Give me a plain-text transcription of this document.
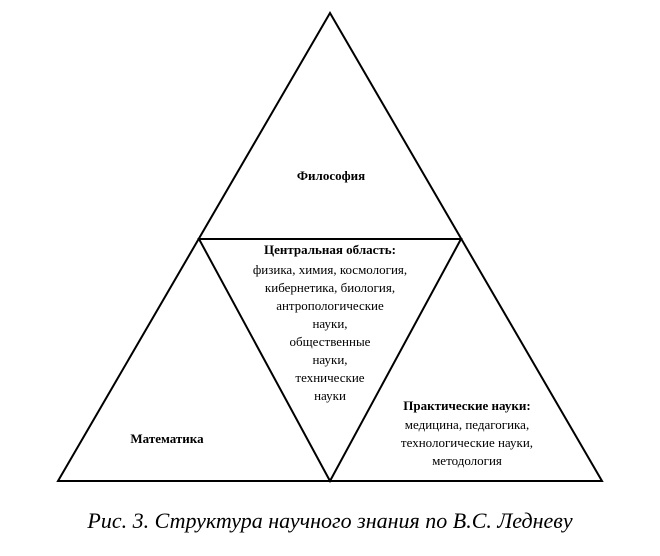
Философия
Центральная область:
физика, химия, космология,
кибернетика, биология,
антропологические
науки,
общественные
науки,
технические
науки
Математика
Практические науки:
медицина, педагогика,
технологические науки,
методология
Рис. 3. Структура научного знания по В.С. Ледневу
